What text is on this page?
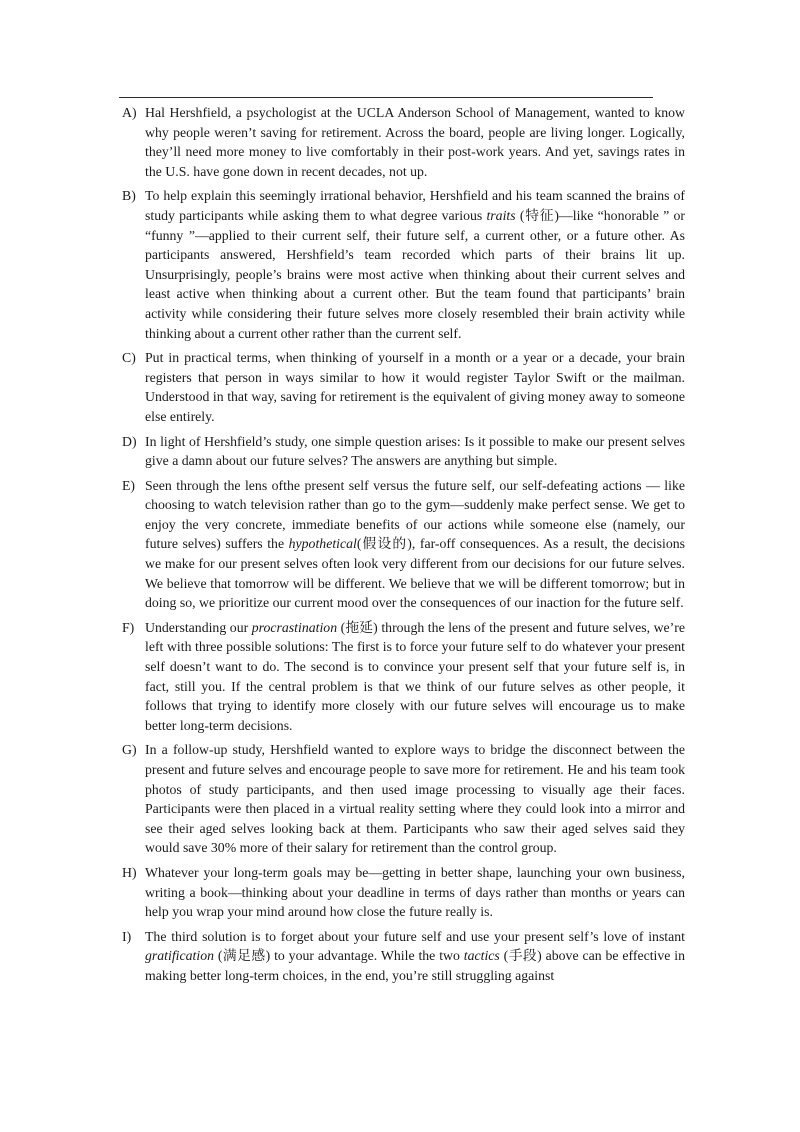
A) Hal Hershfield, a psychologist at the UCLA Anderson School of Management, wanted to know why people weren’t saving for retirement. Across the board, people are living longer. Logically, they’ll need more money to live comfortably in their post-work years. And yet, savings rates in the U.S. have gone down in recent decades, not up.
B) To help explain this seemingly irrational behavior, Hershfield and his team scanned the brains of study participants while asking them to what degree various traits (特征)—like “honorable ” or “funny ”—applied to their current self, their future self, a current other, or a future other. As participants answered, Hershfield’s team recorded which parts of their brains lit up. Unsurprisingly, people’s brains were most active when thinking about their current selves and least active when thinking about a current other. But the team found that participants’ brain activity while considering their future selves more closely resembled their brain activity while thinking about a current other rather than the current self.
C) Put in practical terms, when thinking of yourself in a month or a year or a decade, your brain registers that person in ways similar to how it would register Taylor Swift or the mailman. Understood in that way, saving for retirement is the equivalent of giving money away to someone else entirely.
D) In light of Hershfield’s study, one simple question arises: Is it possible to make our present selves give a damn about our future selves? The answers are anything but simple.
E) Seen through the lens ofthe present self versus the future self, our self-defeating actions — like choosing to watch television rather than go to the gym—suddenly make perfect sense. We get to enjoy the very concrete, immediate benefits of our actions while someone else (namely, our future selves) suffers the hypothetical(假设的), far-off consequences. As a result, the decisions we make for our present selves often look very different from our decisions for our future selves. We believe that tomorrow will be different. We believe that we will be different tomorrow; but in doing so, we prioritize our current mood over the consequences of our inaction for the future self.
F) Understanding our procrastination (拖延) through the lens of the present and future selves, we’re left with three possible solutions: The first is to force your future self to do whatever your present self doesn’t want to do. The second is to convince your present self that your future self is, in fact, still you. If the central problem is that we think of our future selves as other people, it follows that trying to identify more closely with our future selves will encourage us to make better long-term decisions.
G) In a follow-up study, Hershfield wanted to explore ways to bridge the disconnect between the present and future selves and encourage people to save more for retirement. He and his team took photos of study participants, and then used image processing to visually age their faces. Participants were then placed in a virtual reality setting where they could look into a mirror and see their aged selves looking back at them. Participants who saw their aged selves said they would save 30% more of their salary for retirement than the control group.
H) Whatever your long-term goals may be—getting in better shape, launching your own business, writing a book—thinking about your deadline in terms of days rather than months or years can help you wrap your mind around how close the future really is.
I) The third solution is to forget about your future self and use your present self’s love of instant gratification (满足感) to your advantage. While the two tactics (手段) above can be effective in making better long-term choices, in the end, you’re still struggling against
